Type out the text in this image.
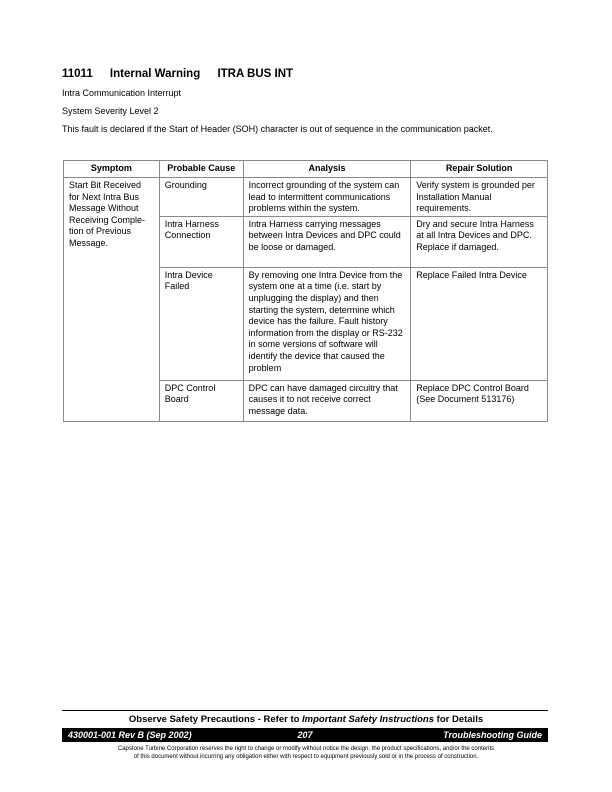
11011 Internal Warning ITRA BUS INT
Intra Communication Interrupt
System Severity Level 2
This fault is declared if the Start of Header (SOH) character is out of sequence in the communication packet.
Symptom	Probable Cause	Analysis	Repair Solution
Start Bit Received for Next Intra Bus Message Without Receiving Comple-tion of Previous Message.	Grounding	Incorrect grounding of the system can lead to intermittent communications problems within the system.	Verify system is grounded per Installation Manual requirements.
	Intra Harness Connection	Intra Harness carrying messages between Intra Devices and DPC could be loose or damaged.	Dry and secure Intra Harness at all Intra Devices and DPC. Replace if damaged.
	Intra Device Failed	By removing one Intra Device from the system one at a time (i.e. start by unplugging the display) and then starting the system, determine which device has the failure. Fault history information from the display or RS-232 in some versions of software will identify the device that caused the problem	Replace Failed Intra Device
	DPC Control Board	DPC can have damaged circuitry that causes it to not receive correct message data.	Replace DPC Control Board (See Document 513176)
Observe Safety Precautions - Refer to Important Safety Instructions for Details
430001-001 Rev B (Sep 2002)	207	Troubleshooting Guide
Capstone Turbine Corporation reserves the right to change or modify without notice the design, the product specifications, and/or the contents
of this document without incurring any obligation either with respect to equipment previously sold or in the process of construction.
